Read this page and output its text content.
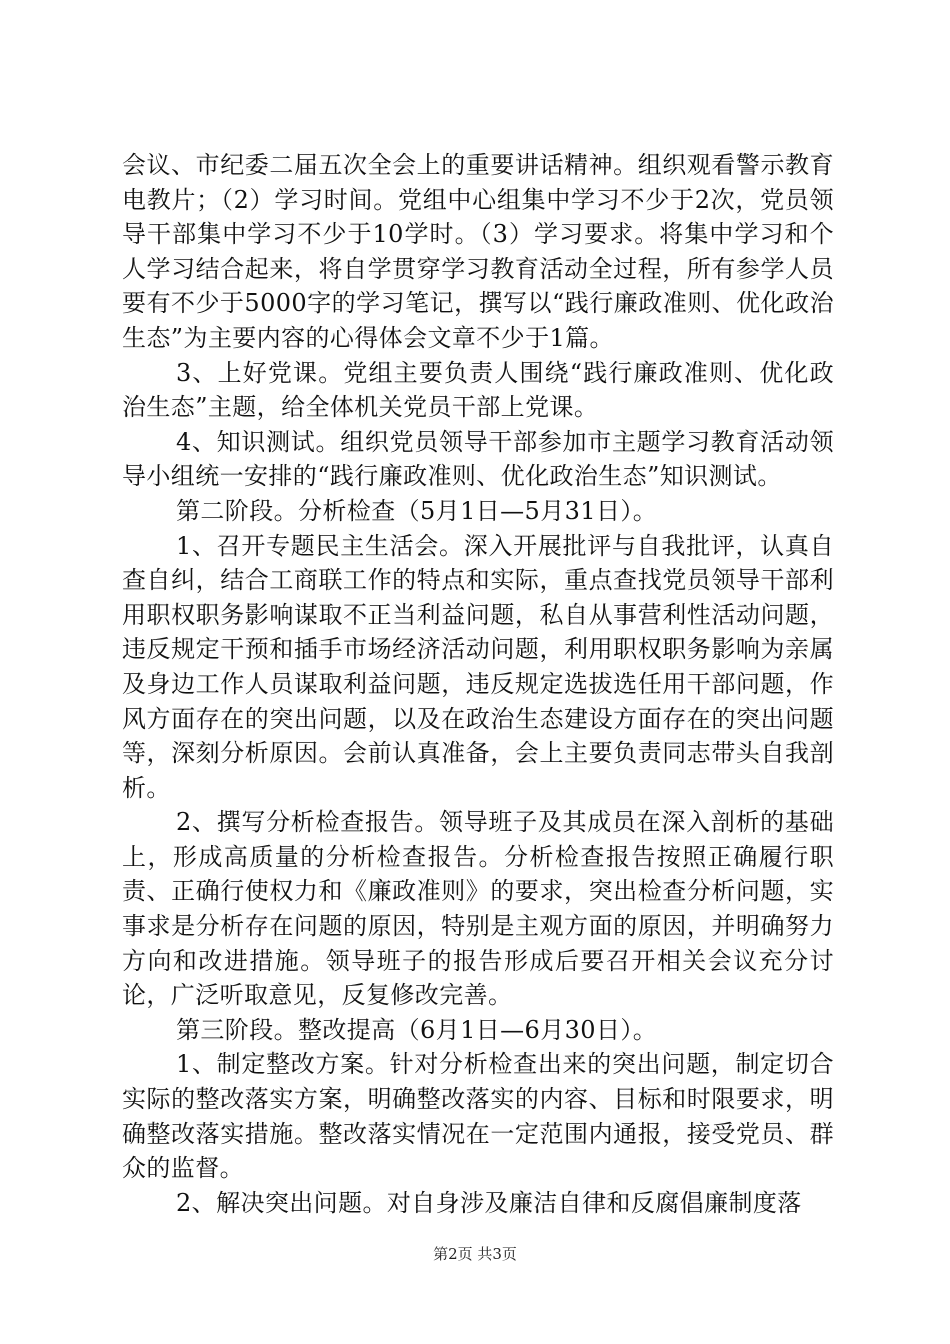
会议、市纪委二届五次全会上的重要讲话精神。组织观看警示教育电教片；（2）学习时间。党组中心组集中学习不少于2次，党员领导干部集中学习不少于10学时。（3）学习要求。将集中学习和个人学习结合起来，将自学贯穿学习教育活动全过程，所有参学人员要有不少于5000字的学习笔记，撰写以“践行廉政准则、优化政治生态”为主要内容的心得体会文章不少于1篇。

3、上好党课。党组主要负责人围绕“践行廉政准则、优化政治生态”主题，给全体机关党员干部上党课。

4、知识测试。组织党员领导干部参加市主题学习教育活动领导小组统一安排的“践行廉政准则、优化政治生态”知识测试。

第二阶段。分析检查（5月1日—5月31日）。

1、召开专题民主生活会。深入开展批评与自我批评，认真自查自纠，结合工商联工作的特点和实际，重点查找党员领导干部利用职权职务影响谋取不正当利益问题，私自从事营利性活动问题，违反规定干预和插手市场经济活动问题，利用职权职务影响为亲属及身边工作人员谋取利益问题，违反规定选拔选任用干部问题，作风方面存在的突出问题，以及在政治生态建设方面存在的突出问题等，深刻分析原因。会前认真准备，会上主要负责同志带头自我剖析。

2、撰写分析检查报告。领导班子及其成员在深入剖析的基础上，形成高质量的分析检查报告。分析检查报告按照正确履行职责、正确行使权力和《廉政准则》的要求，突出检查分析问题，实事求是分析存在问题的原因，特别是主观方面的原因，并明确努力方向和改进措施。领导班子的报告形成后要召开相关会议充分讨论，广泛听取意见，反复修改完善。

第三阶段。整改提高（6月1日—6月30日）。

1、制定整改方案。针对分析检查出来的突出问题，制定切合实际的整改落实方案，明确整改落实的内容、目标和时限要求，明确整改落实措施。整改落实情况在一定范围内通报，接受党员、群众的监督。

2、解决突出问题。对自身涉及廉洁自律和反腐倡廉制度落

第2页 共3页
